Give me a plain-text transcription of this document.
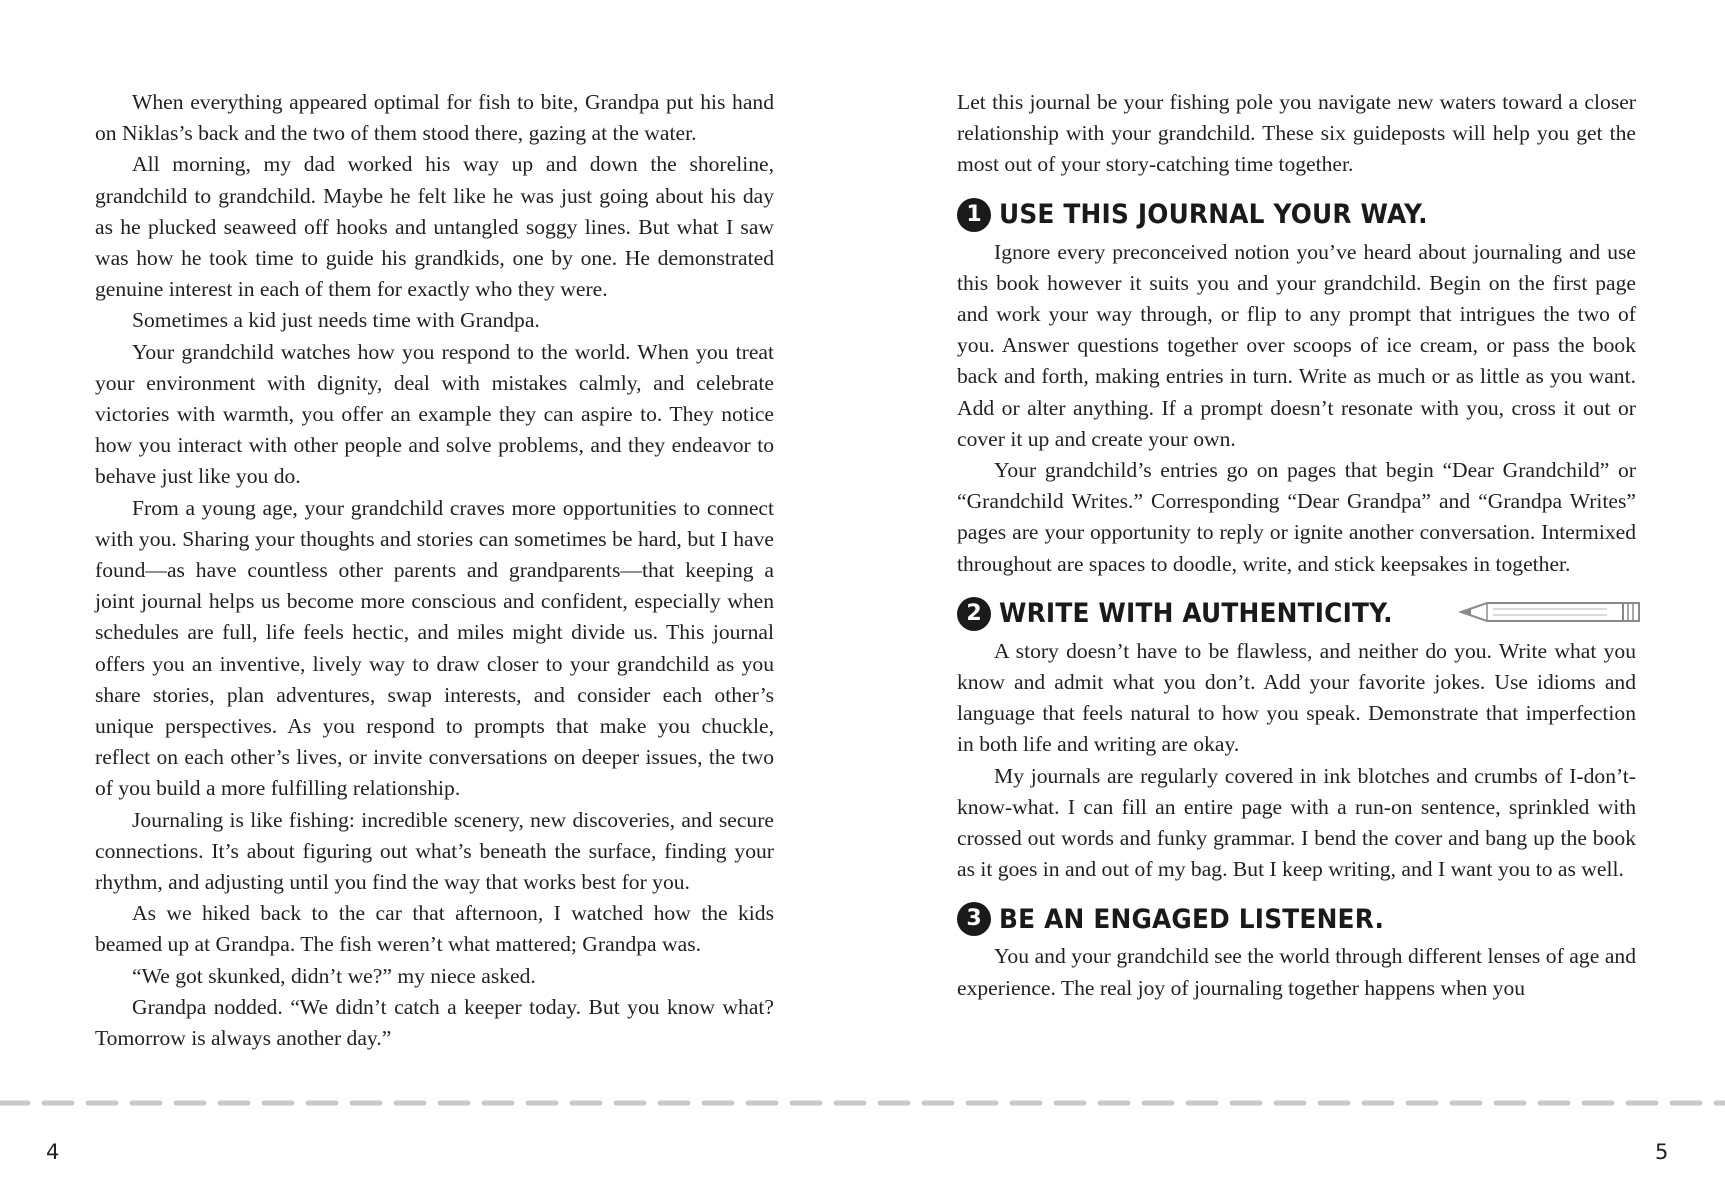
When everything appeared optimal for fish to bite, Grandpa put his hand on Niklas’s back and the two of them stood there, gazing at the water.

All morning, my dad worked his way up and down the shoreline, grandchild to grandchild. Maybe he felt like he was just going about his day as he plucked seaweed off hooks and untangled soggy lines. But what I saw was how he took time to guide his grandkids, one by one. He demonstrated genuine interest in each of them for exactly who they were.

Sometimes a kid just needs time with Grandpa.

Your grandchild watches how you respond to the world. When you treat your environment with dignity, deal with mistakes calmly, and celebrate victories with warmth, you offer an example they can aspire to. They notice how you interact with other people and solve problems, and they endeavor to behave just like you do.

From a young age, your grandchild craves more opportunities to connect with you. Sharing your thoughts and stories can sometimes be hard, but I have found—as have countless other parents and grandparents—that keeping a joint journal helps us become more conscious and confident, especially when schedules are full, life feels hectic, and miles might divide us. This journal offers you an inventive, lively way to draw closer to your grandchild as you share stories, plan adventures, swap interests, and consider each other’s unique perspectives. As you respond to prompts that make you chuckle, reflect on each other’s lives, or invite conversations on deeper issues, the two of you build a more fulfilling relationship.

Journaling is like fishing: incredible scenery, new discoveries, and secure connections. It’s about figuring out what’s beneath the surface, finding your rhythm, and adjusting until you find the way that works best for you.

As we hiked back to the car that afternoon, I watched how the kids beamed up at Grandpa. The fish weren’t what mattered; Grandpa was.

“We got skunked, didn’t we?” my niece asked.

Grandpa nodded. “We didn’t catch a keeper today. But you know what? Tomorrow is always another day.”

4

Let this journal be your fishing pole you navigate new waters toward a closer relationship with your grandchild. These six guideposts will help you get the most out of your story-catching time together.

1 USE THIS JOURNAL YOUR WAY.

Ignore every preconceived notion you’ve heard about journaling and use this book however it suits you and your grandchild. Begin on the first page and work your way through, or flip to any prompt that intrigues the two of you. Answer questions together over scoops of ice cream, or pass the book back and forth, making entries in turn. Write as much or as little as you want. Add or alter anything. If a prompt doesn’t resonate with you, cross it out or cover it up and create your own.

Your grandchild’s entries go on pages that begin “Dear Grandchild” or “Grandchild Writes.” Corresponding “Dear Grandpa” and “Grandpa Writes” pages are your opportunity to reply or ignite another conversation. Intermixed throughout are spaces to doodle, write, and stick keepsakes in together.

2 WRITE WITH AUTHENTICITY.

A story doesn’t have to be flawless, and neither do you. Write what you know and admit what you don’t. Add your favorite jokes. Use idioms and language that feels natural to how you speak. Demonstrate that imperfection in both life and writing are okay.

My journals are regularly covered in ink blotches and crumbs of I-don’t-know-what. I can fill an entire page with a run-on sentence, sprinkled with crossed out words and funky grammar. I bend the cover and bang up the book as it goes in and out of my bag. But I keep writing, and I want you to as well.

3 BE AN ENGAGED LISTENER.

You and your grandchild see the world through different lenses of age and experience. The real joy of journaling together happens when you

5
